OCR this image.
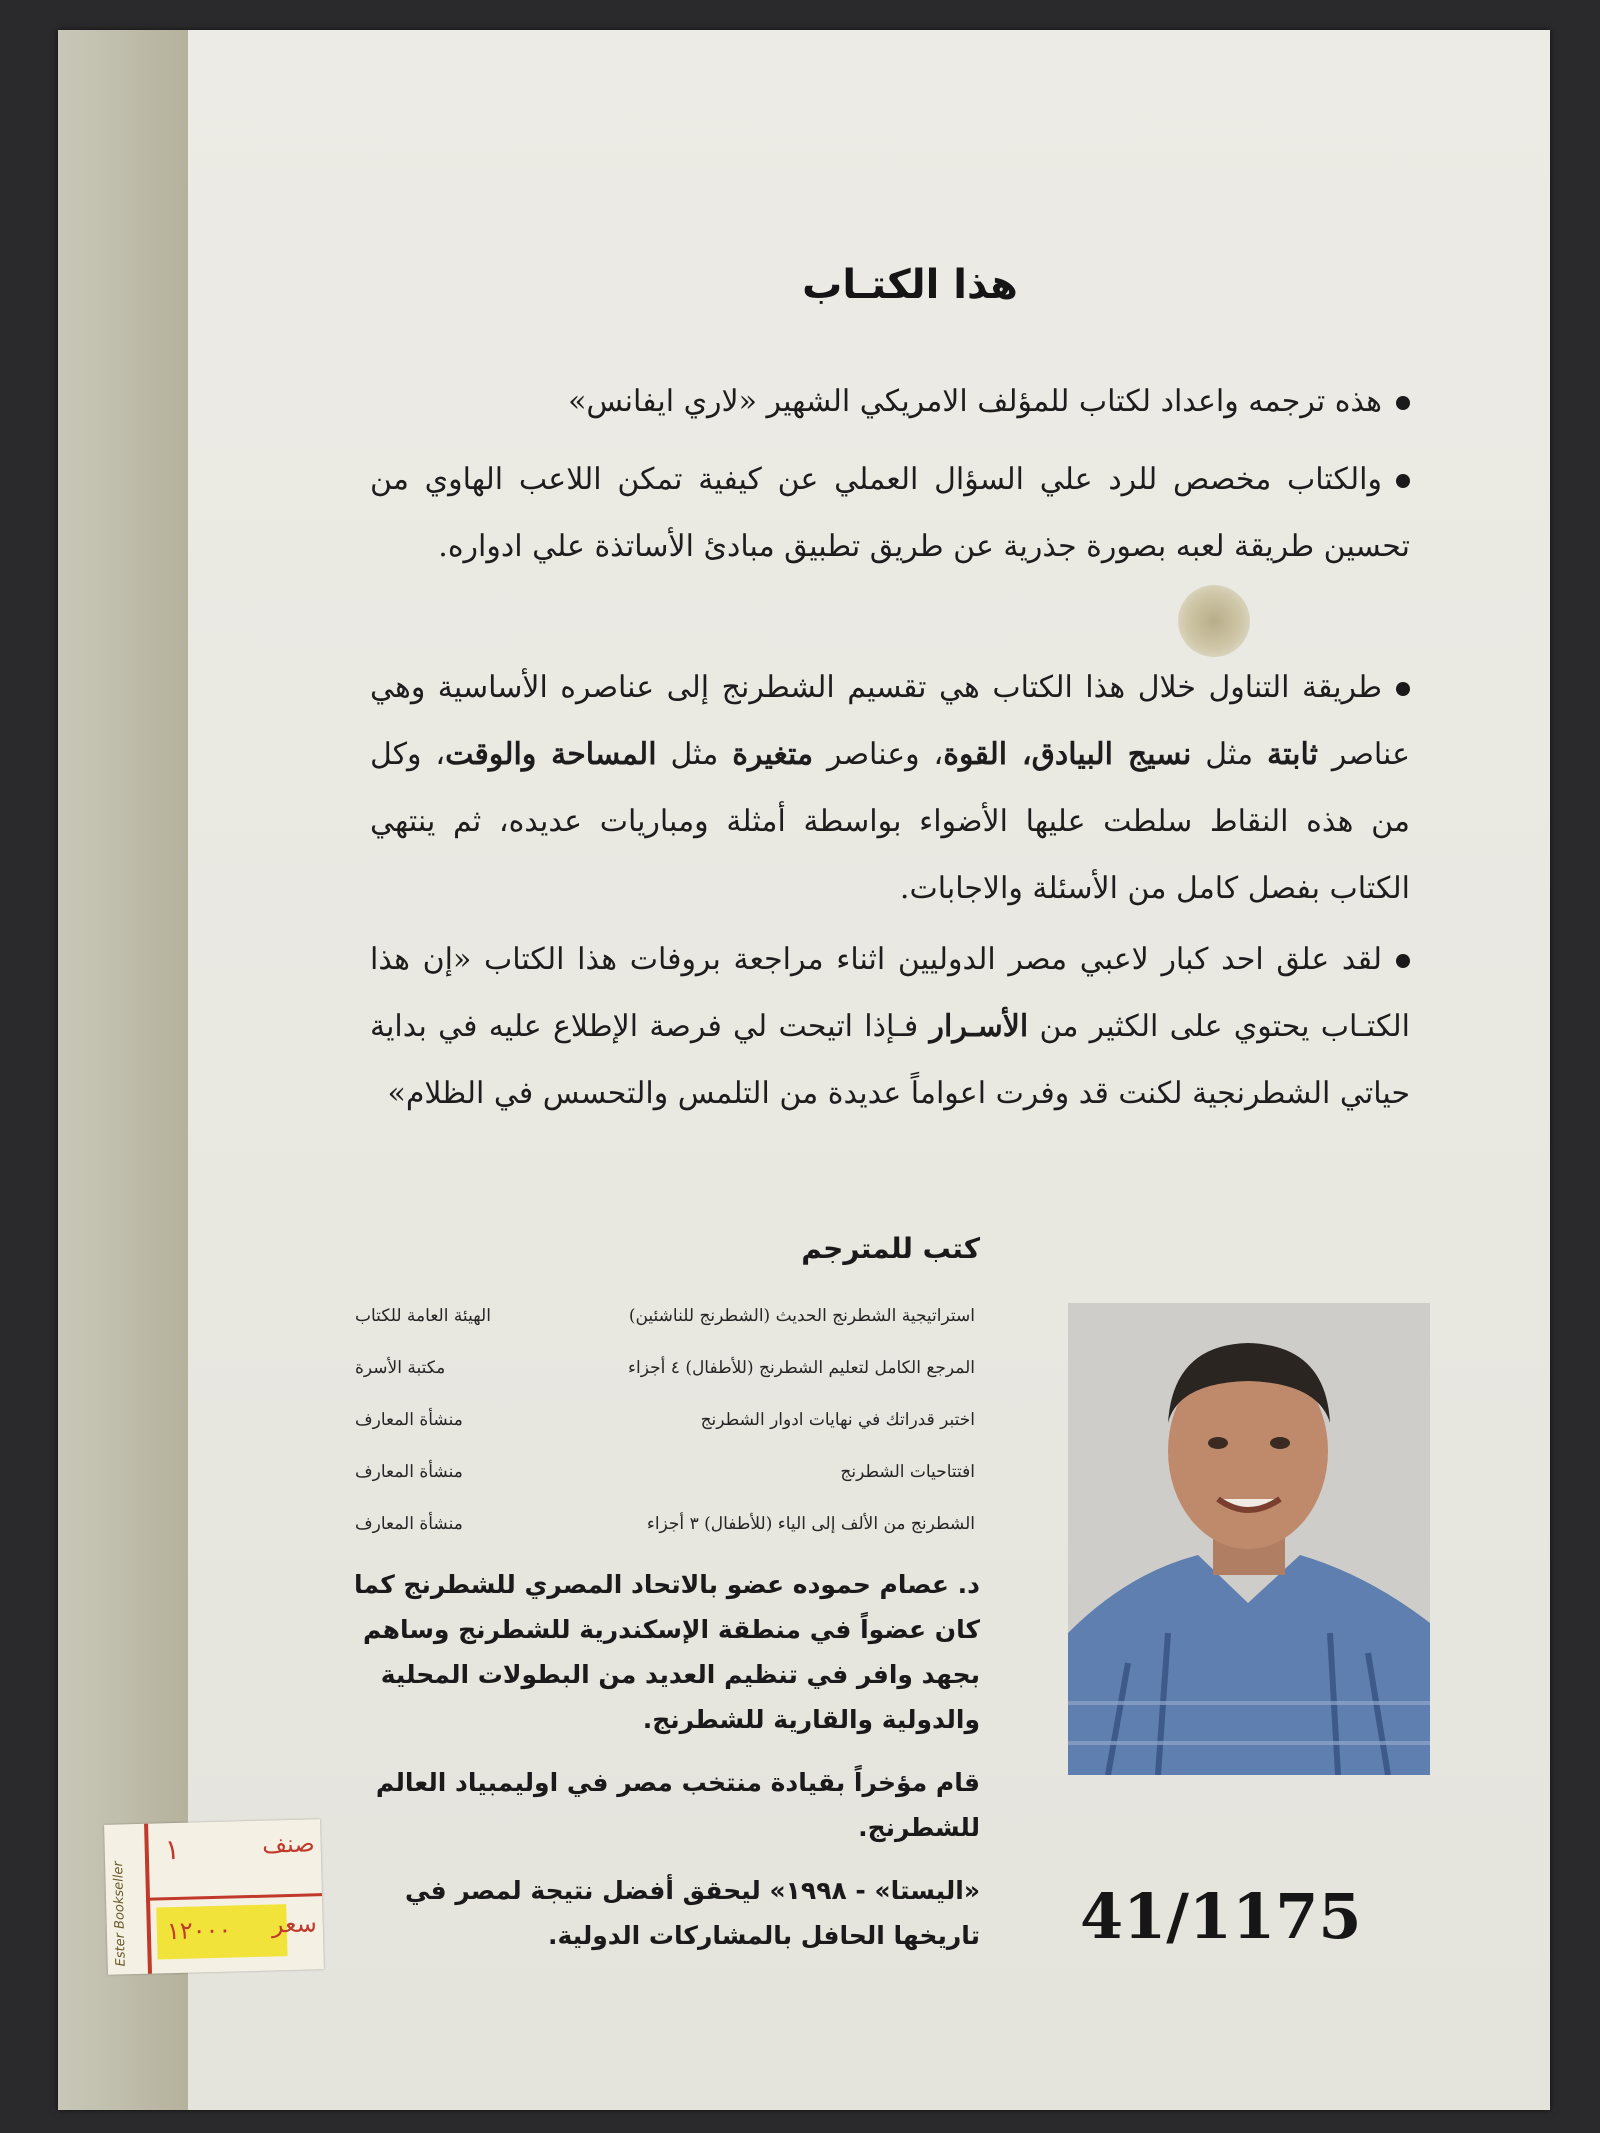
هذا الكتـاب
هذه ترجمه واعداد لكتاب للمؤلف الامريكي الشهير «لاري ايفانس»
والكتاب مخصص للرد علي السؤال العملي عن كيفية تمكن اللاعب الهاوي من تحسين طريقة لعبه بصورة جذرية عن طريق تطبيق مبادئ الأساتذة علي ادواره.
طريقة التناول خلال هذا الكتاب هي تقسيم الشطرنج إلى عناصره الأساسية وهي عناصر ثابتة مثل نسيج البيادق، القوة، وعناصر متغيرة مثل المساحة والوقت، وكل من هذه النقاط سلطت عليها الأضواء بواسطة أمثلة ومباريات عديده، ثم ينتهي الكتاب بفصل كامل من الأسئلة والاجابات.
لقد علق احد كبار لاعبي مصر الدوليين اثناء مراجعة بروفات هذا الكتاب «إن هذا الكتـاب يحتوي على الكثير من الأسـرار فـإذا اتيحت لي فرصة الإطلاع عليه في بداية حياتي الشطرنجية لكنت قد وفرت اعواماً عديدة من التلمس والتحسس في الظلام»
كتب للمترجم
استراتيجية الشطرنج الحديث (الشطرنج للناشئين)
الهيئة العامة للكتاب
المرجع الكامل لتعليم الشطرنج (للأطفال) ٤ أجزاء
مكتبة الأسرة
اختبر قدراتك في نهايات ادوار الشطرنج
منشأة المعارف
افتتاحيات الشطرنج
منشأة المعارف
الشطرنج من الألف إلى الياء (للأطفال) ٣ أجزاء
منشأة المعارف
د. عصام حموده عضو بالاتحاد المصري للشطرنج كما كان عضواً في منطقة الإسكندرية للشطرنج وساهم بجهد وافر في تنظيم العديد من البطولات المحلية والدولية والقارية للشطرنج.
قام مؤخراً بقيادة منتخب مصر في اوليمبياد العالم للشطرنج.
«اليستا» - ١٩٩٨» ليحقق أفضل نتيجة لمصر في تاريخها الحافل بالمشاركات الدولية. 41/1175
Ester Bookseller
١	صنف
١٢٠٠٠ سعر
